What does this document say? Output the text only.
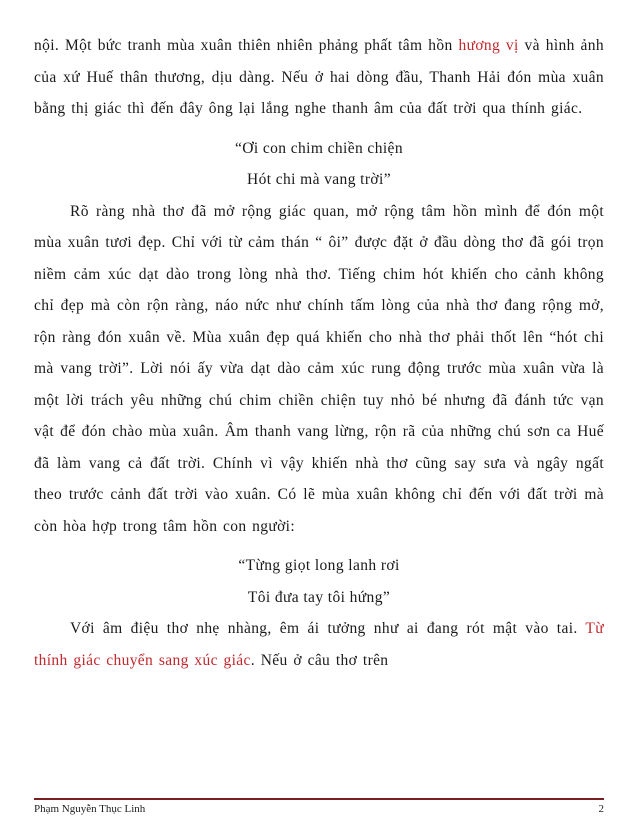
nội. Một bức tranh mùa xuân thiên nhiên phảng phất tâm hồn hương vị và hình ảnh của xứ Huế thân thương, dịu dàng. Nếu ở hai dòng đầu, Thanh Hải đón mùa xuân bằng thị giác thì đến đây ông lại lắng nghe thanh âm của đất trời qua thính giác.

“Ơi con chim chiền chiện

Hót chi mà vang trời”

Rõ ràng nhà thơ đã mở rộng giác quan, mở rộng tâm hồn mình để đón một mùa xuân tươi đẹp. Chỉ với từ cảm thán “ ôi” được đặt ở đầu dòng thơ đã gói trọn niềm cảm xúc dạt dào trong lòng nhà thơ. Tiếng chim hót khiến cho cảnh không chỉ đẹp mà còn rộn ràng, náo nức như chính tấm lòng của nhà thơ đang rộng mở, rộn ràng đón xuân về. Mùa xuân đẹp quá khiến cho nhà thơ phải thốt lên “hót chi mà vang trời”. Lời nói ấy vừa dạt dào cảm xúc rung động trước mùa xuân vừa là một lời trách yêu những chú chim chiền chiện tuy nhỏ bé nhưng đã đánh tức vạn vật để đón chào mùa xuân. Âm thanh vang lừng, rộn rã của những chú sơn ca Huế đã làm vang cả đất trời. Chính vì vậy khiến nhà thơ cũng say sưa và ngây ngất theo trước cảnh đất trời vào xuân. Có lẽ mùa xuân không chỉ đến với đất trời mà còn hòa hợp trong tâm hồn con người:

“Từng giọt long lanh rơi

Tôi đưa tay tôi hứng”

Với âm điệu thơ nhẹ nhàng, êm ái tưởng như ai đang rót mật vào tai. Từ thính giác chuyển sang xúc giác. Nếu ở câu thơ trên

Phạm Nguyễn Thục Linh	2
